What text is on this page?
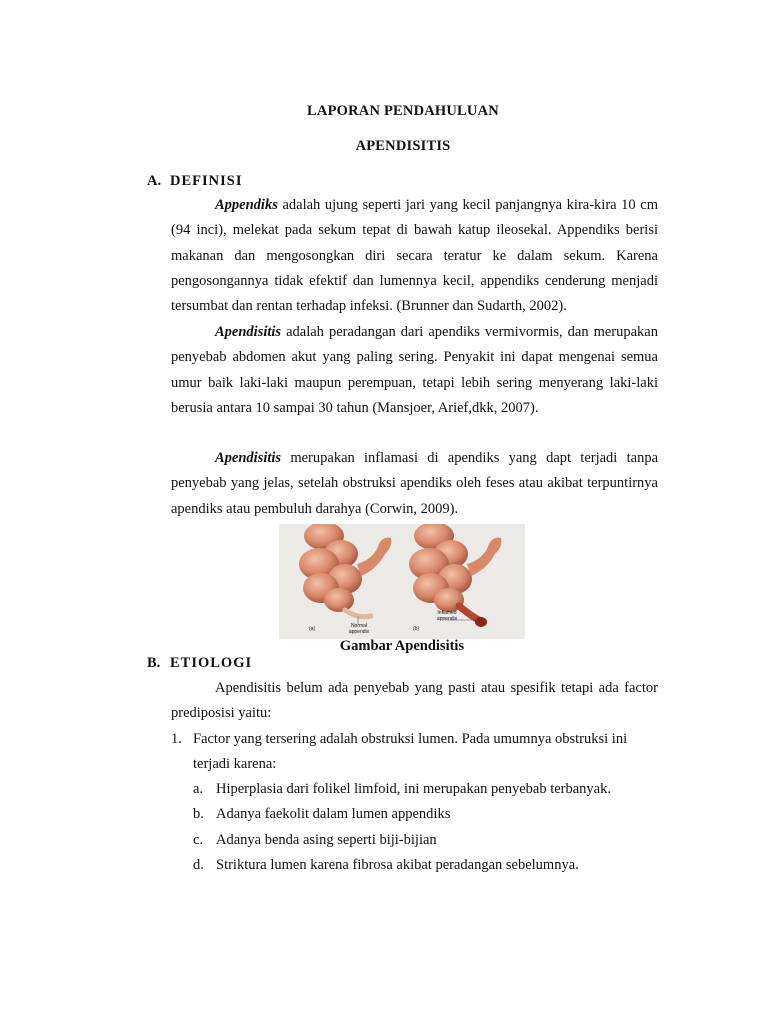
LAPORAN PENDAHULUAN
APENDISITIS
A. DEFINISI

Appendiks adalah ujung seperti jari yang kecil panjangnya kira-kira 10 cm (94 inci), melekat pada sekum tepat di bawah katup ileosekal. Appendiks berisi makanan dan mengosongkan diri secara teratur ke dalam sekum. Karena pengosongannya tidak efektif dan lumennya kecil, appendiks cenderung menjadi tersumbat dan rentan terhadap infeksi. (Brunner dan Sudarth, 2002).

Apendisitis adalah peradangan dari apendiks vermivormis, dan merupakan penyebab abdomen akut yang paling sering. Penyakit ini dapat mengenai semua umur baik laki-laki maupun perempuan, tetapi lebih sering menyerang laki-laki berusia antara 10 sampai 30 tahun (Mansjoer, Arief,dkk, 2007).

Apendisitis merupakan inflamasi di apendiks yang dapt terjadi tanpa penyebab yang jelas, setelah obstruksi apendiks oleh feses atau akibat terpuntirnya apendiks atau pembuluh darahya (Corwin, 2009).

(a)	(b)
Normal appendix
Inflamed appendix
Gambar Apendisitis
B. ETIOLOGI

Apendisitis belum ada penyebab yang pasti atau spesifik tetapi ada factor prediposisi yaitu:

1. Factor yang tersering adalah obstruksi lumen. Pada umumnya obstruksi ini terjadi karena:
a. Hiperplasia dari folikel limfoid, ini merupakan penyebab terbanyak.
b. Adanya faekolit dalam lumen appendiks
c. Adanya benda asing seperti biji-bijian
d. Striktura lumen karena fibrosa akibat peradangan sebelumnya.
